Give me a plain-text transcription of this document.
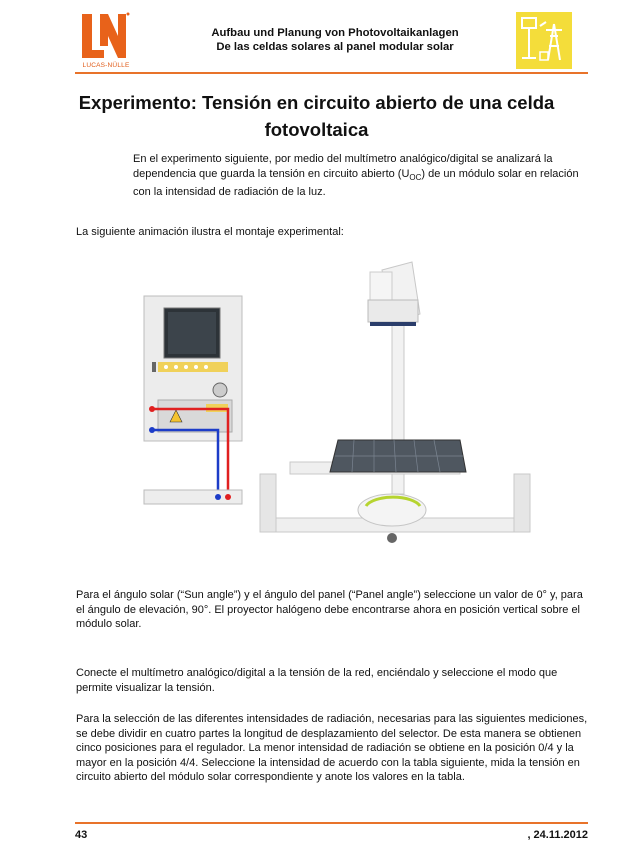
LUCAS-NÜLLE
Aufbau und Planung von Photovoltaikanlagen
De las celdas solares al panel modular solar
Experimento: Tensión en circuito abierto de una celda
fotovoltaica
En el experimento siguiente, por medio del multímetro analógico/digital se analizará la dependencia que guarda la tensión en circuito abierto $(U_{OC})$ de un módulo solar en relación con la intensidad de radiación de la luz.
La siguiente animación ilustra el montaje experimental:
Para el ángulo solar (“Sun angle”) y el ángulo del panel (“Panel angle”) seleccione un valor de 0° y, para el ángulo de elevación, 90°. El proyector halógeno debe encontrarse ahora en posición vertical sobre el módulo solar.
Conecte el multímetro analógico/digital a la tensión de la red, enciéndalo y seleccione el modo que permite visualizar la tensión.
Para la selección de las diferentes intensidades de radiación, necesarias para las siguientes mediciones, se debe dividir en cuatro partes la longitud de desplazamiento del selector. De esta manera se obtienen cinco posiciones para el regulador. La menor intensidad de radiación se obtiene en la posición 0/4 y la mayor en la posición 4/4. Seleccione la intensidad de acuerdo con la tabla siguiente, mida la tensión en circuito abierto del módulo solar correspondiente y anote los valores en la tabla.
43	, 24.11.2012
